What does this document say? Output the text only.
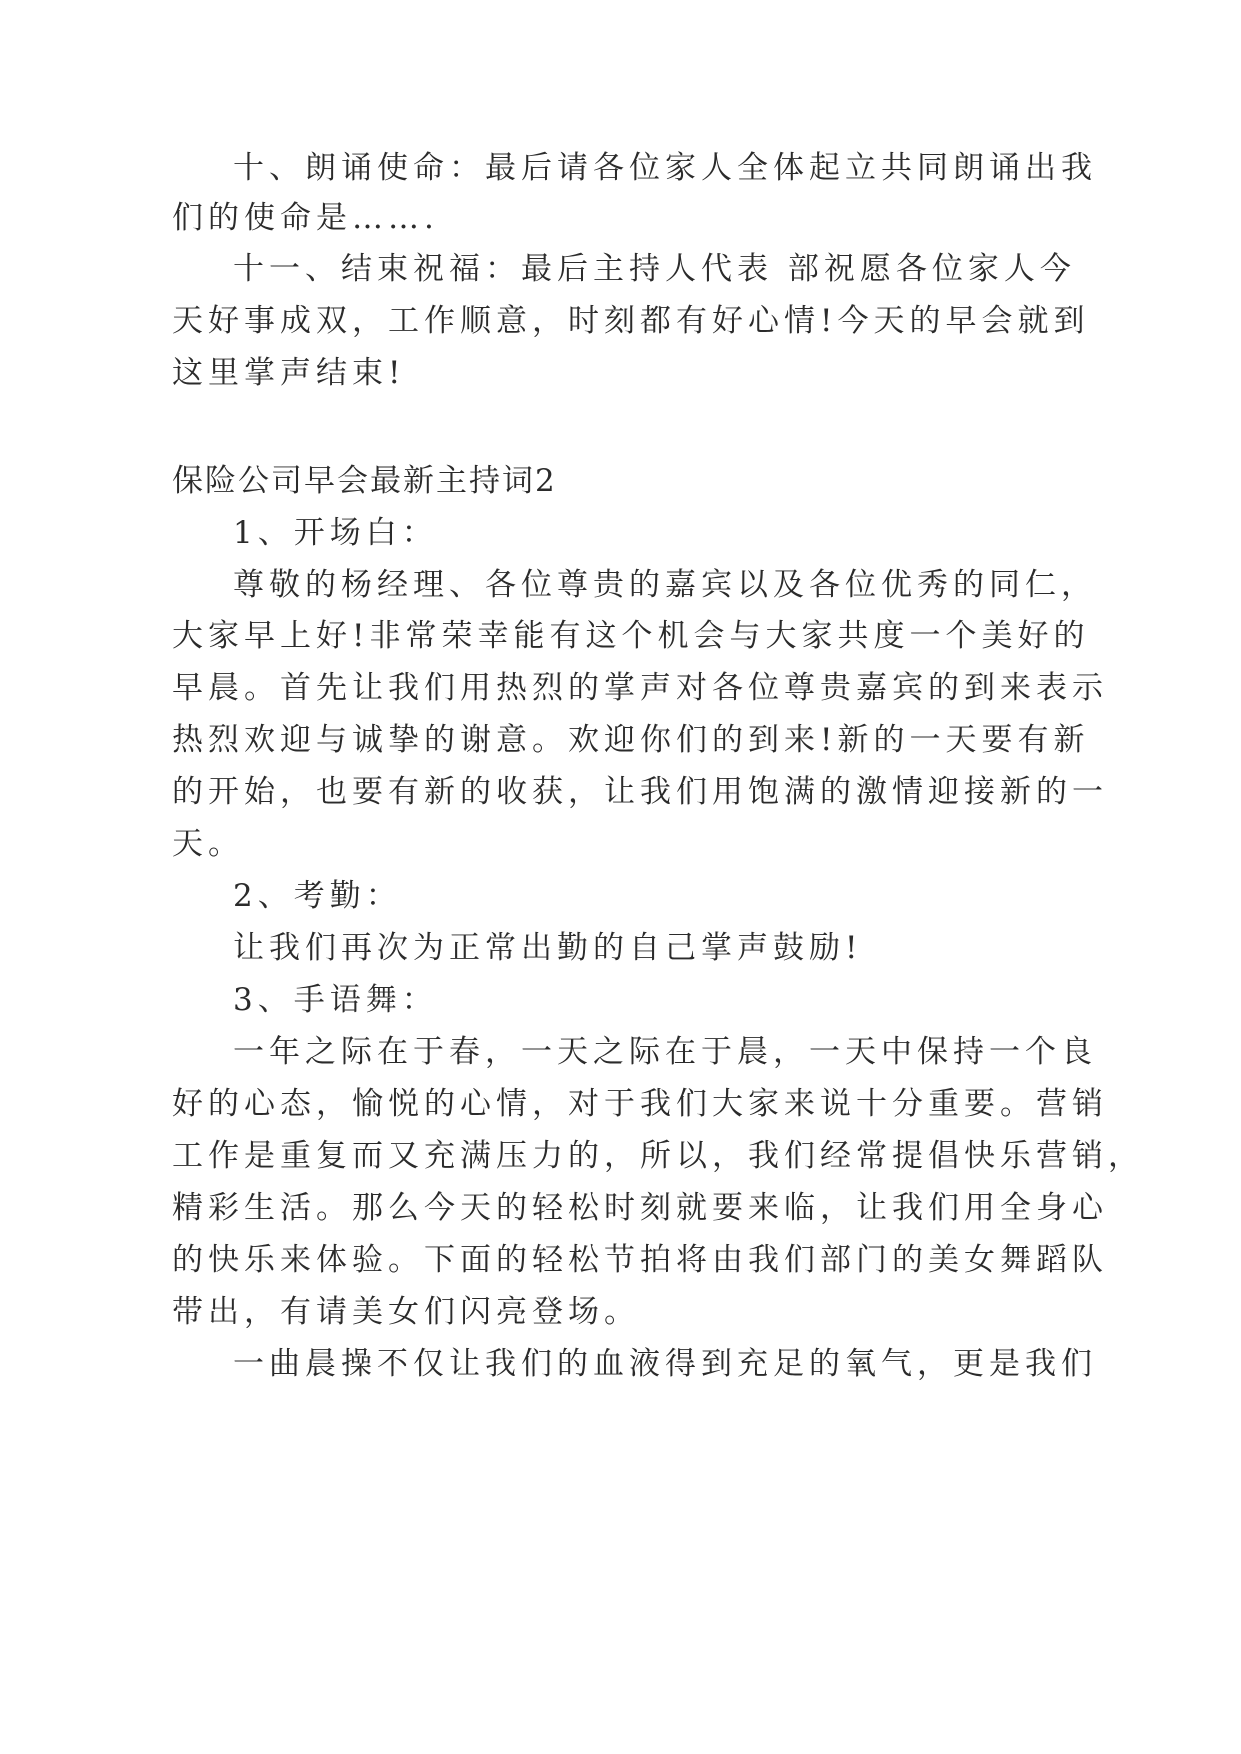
十、朗诵使命：最后请各位家人全体起立共同朗诵出我
们的使命是…….
十一、结束祝福：最后主持人代表 部祝愿各位家人今
天好事成双，工作顺意，时刻都有好心情!今天的早会就到
这里掌声结束!
保险公司早会最新主持词2
1、开场白：
尊敬的杨经理、各位尊贵的嘉宾以及各位优秀的同仁，
大家早上好!非常荣幸能有这个机会与大家共度一个美好的
早晨。首先让我们用热烈的掌声对各位尊贵嘉宾的到来表示
热烈欢迎与诚挚的谢意。欢迎你们的到来!新的一天要有新
的开始，也要有新的收获，让我们用饱满的激情迎接新的一
天。
2、考勤：
让我们再次为正常出勤的自己掌声鼓励!
3、手语舞：
一年之际在于春，一天之际在于晨，一天中保持一个良
好的心态，愉悦的心情，对于我们大家来说十分重要。营销
工作是重复而又充满压力的，所以，我们经常提倡快乐营销，
精彩生活。那么今天的轻松时刻就要来临，让我们用全身心
的快乐来体验。下面的轻松节拍将由我们部门的美女舞蹈队
带出，有请美女们闪亮登场。
一曲晨操不仅让我们的血液得到充足的氧气，更是我们
